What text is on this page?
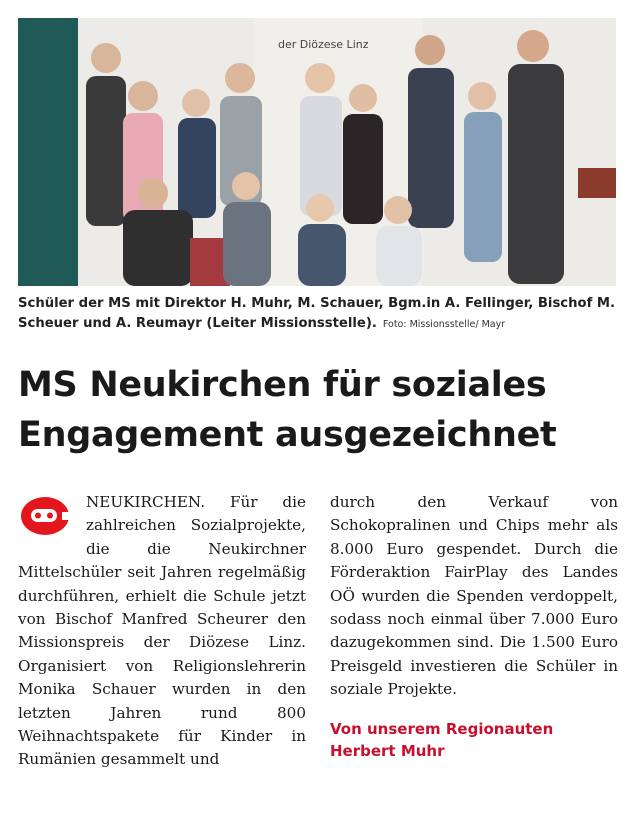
der Diözese Linz
Schüler der MS mit Direktor H. Muhr, M. Schauer, Bgm.in A. Fellinger, Bischof M. Scheuer und A. Reumayr (Leiter Missionsstelle). Foto: Missionsstelle/ Mayr
MS Neukirchen für soziales Engagement ausgezeichnet
NEUKIRCHEN. Für die zahlreichen Sozialprojekte, die die Neukirchner Mittelschüler seit Jahren regelmäßig durchführen, erhielt die Schule jetzt von Bischof Manfred Scheurer den Missionspreis der Diözese Linz. Organisiert von Religionslehrerin Monika Schauer wurden in den letzten Jahren rund 800 Weihnachtspakete für Kinder in Rumänien gesammelt und
durch den Verkauf von Schokopralinen und Chips mehr als 8.000 Euro gespendet. Durch die Förderaktion FairPlay des Landes OÖ wurden die Spenden verdoppelt, sodass noch einmal über 7.000 Euro dazugekommen sind. Die 1.500 Euro Preisgeld investieren die Schüler in soziale Projekte.
Von unserem Regionauten
Herbert Muhr
